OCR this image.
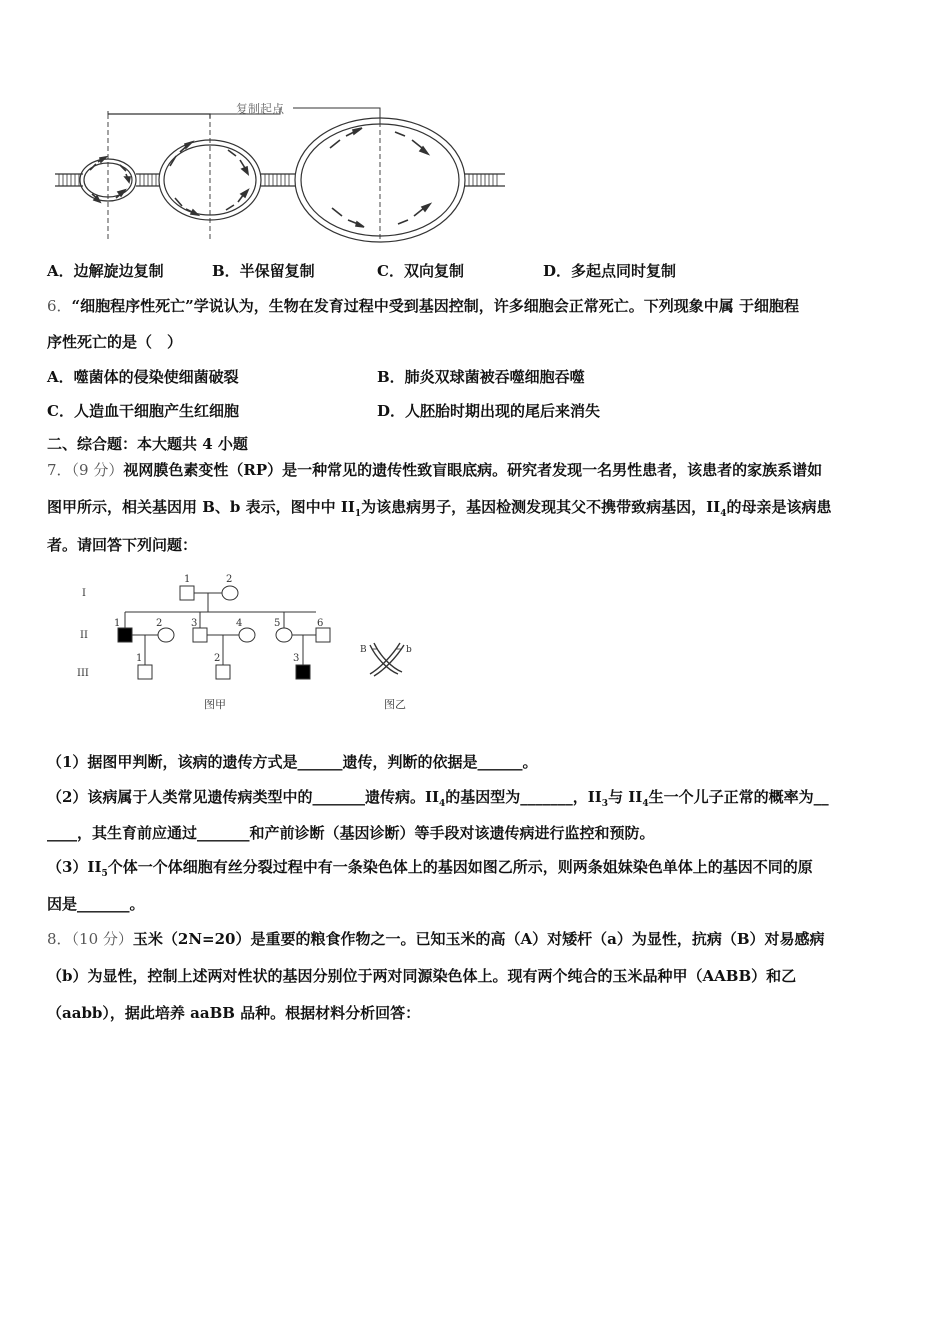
复制起点
A．边解旋边复制	B．半保留复制	C．双向复制	D．多起点同时复制
6．“细胞程序性死亡”学说认为，生物在发育过程中受到基因控制，许多细胞会正常死亡。下列现象中属 于细胞程
序性死亡的是（　）
A．噬菌体的侵染使细菌破裂	B．肺炎双球菌被吞噬细胞吞噬
C．人造血干细胞产生红细胞	D．人胚胎时期出现的尾后来消失
二、综合题：本大题共 4 小题
7．（9 分）视网膜色素变性（RP）是一种常见的遗传性致盲眼底病。研究者发现一名男性患者，该患者的家族系谱如
图甲所示，相关基因用 B、b 表示，图中中 $II_1$为该患病男子，基因检测发现其父不携带致病基因，$II_4$的母亲是该病患
者。请回答下列问题：
I
II
III
1	2
1	2	3	4	5	6
1	2	3
B	b
图甲	图乙
（1）据图甲判断，该病的遗传方式是______遗传，判断的依据是______。
（2）该病属于人类常见遗传病类型中的_______遗传病。$II_4$的基因型为_______，$II_3$与 $II_4$生一个儿子正常的概率为__
____，其生育前应通过_______和产前诊断（基因诊断）等手段对该遗传病进行监控和预防。
$(3)II_5$个体一个体细胞有丝分裂过程中有一条染色体上的基因如图乙所示，则两条姐妹染色单体上的基因不同的原
因是_______。
8．（10 分）玉米（2N=20）是重要的粮食作物之一。已知玉米的高（A）对矮杆（a）为显性，抗病（B）对易感病
（b）为显性，控制上述两对性状的基因分别位于两对同源染色体上。现有两个纯合的玉米品种甲（AABB）和乙
（aabb），据此培养 aaBB 品种。根据材料分析回答：
